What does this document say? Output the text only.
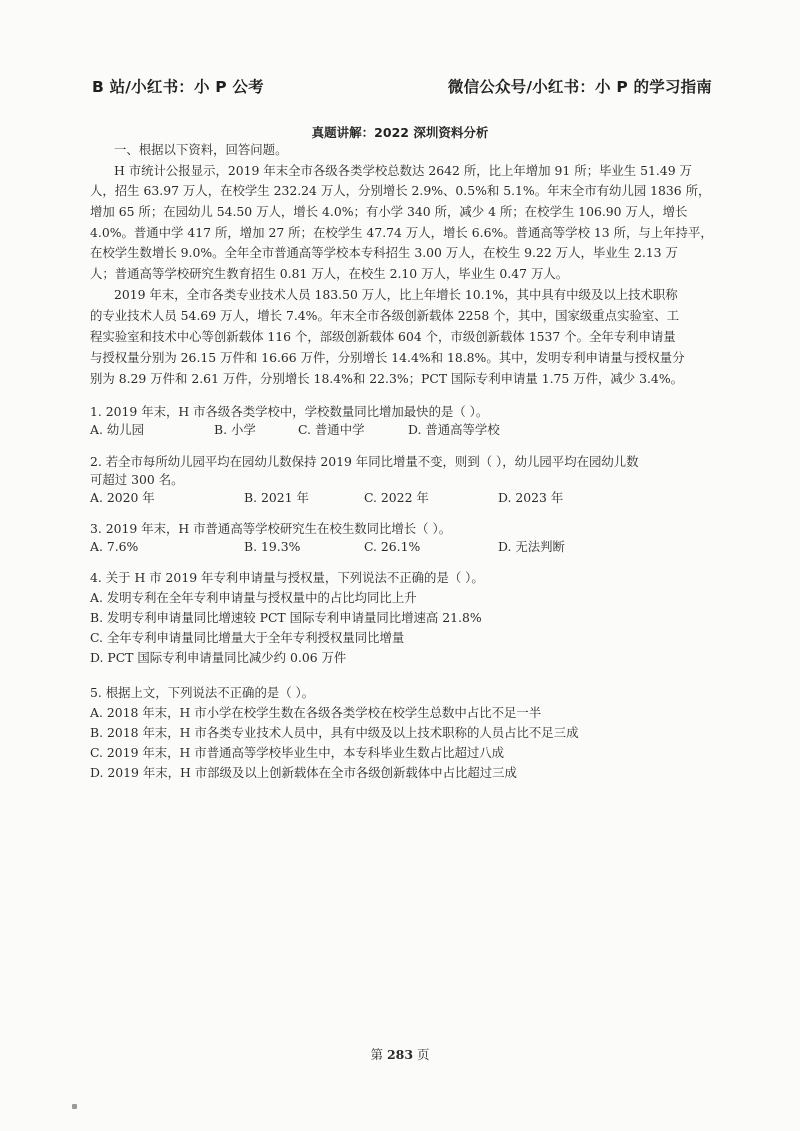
B 站/小红书：小 P 公考	微信公众号/小红书：小 P 的学习指南
真题讲解：2022 深圳资料分析
一、根据以下资料，回答问题。
H 市统计公报显示，2019 年末全市各级各类学校总数达 2642 所，比上年增加 91 所；毕业生 51.49 万
人，招生 63.97 万人，在校学生 232.24 万人，分别增长 2.9%、0.5%和 5.1%。年末全市有幼儿园 1836 所，
增加 65 所；在园幼儿 54.50 万人，增长 4.0%；有小学 340 所，减少 4 所；在校学生 106.90 万人，增长
4.0%。普通中学 417 所，增加 27 所；在校学生 47.74 万人，增长 6.6%。普通高等学校 13 所，与上年持平，
在校学生数增长 9.0%。全年全市普通高等学校本专科招生 3.00 万人，在校生 9.22 万人，毕业生 2.13 万
人；普通高等学校研究生教育招生 0.81 万人，在校生 2.10 万人，毕业生 0.47 万人。
2019 年末，全市各类专业技术人员 183.50 万人，比上年增长 10.1%，其中具有中级及以上技术职称
的专业技术人员 54.69 万人，增长 7.4%。年末全市各级创新载体 2258 个，其中，国家级重点实验室、工
程实验室和技术中心等创新载体 116 个，部级创新载体 604 个，市级创新载体 1537 个。全年专利申请量
与授权量分别为 26.15 万件和 16.66 万件，分别增长 14.4%和 18.8%。其中，发明专利申请量与授权量分
别为 8.29 万件和 2.61 万件，分别增长 18.4%和 22.3%；PCT 国际专利申请量 1.75 万件，减少 3.4%。
1. 2019 年末，H 市各级各类学校中，学校数量同比增加最快的是（ ）。
A. 幼儿园	B. 小学	C. 普通中学	D. 普通高等学校
2. 若全市每所幼儿园平均在园幼儿数保持 2019 年同比增量不变，则到（ ），幼儿园平均在园幼儿数
可超过 300 名。
A. 2020 年	B. 2021 年	C. 2022 年	D. 2023 年
3. 2019 年末，H 市普通高等学校研究生在校生数同比增长（ ）。
A. 7.6%	B. 19.3%	C. 26.1%	D. 无法判断
4. 关于 H 市 2019 年专利申请量与授权量，下列说法不正确的是（ ）。
A. 发明专利在全年专利申请量与授权量中的占比均同比上升
B. 发明专利申请量同比增速较 PCT 国际专利申请量同比增速高 21.8%
C. 全年专利申请量同比增量大于全年专利授权量同比增量
D. PCT 国际专利申请量同比减少约 0.06 万件
5. 根据上文，下列说法不正确的是（ ）。
A. 2018 年末，H 市小学在校学生数在各级各类学校在校学生总数中占比不足一半
B. 2018 年末，H 市各类专业技术人员中，具有中级及以上技术职称的人员占比不足三成
C. 2019 年末，H 市普通高等学校毕业生中，本专科毕业生数占比超过八成
D. 2019 年末，H 市部级及以上创新载体在全市各级创新载体中占比超过三成
第 283 页
